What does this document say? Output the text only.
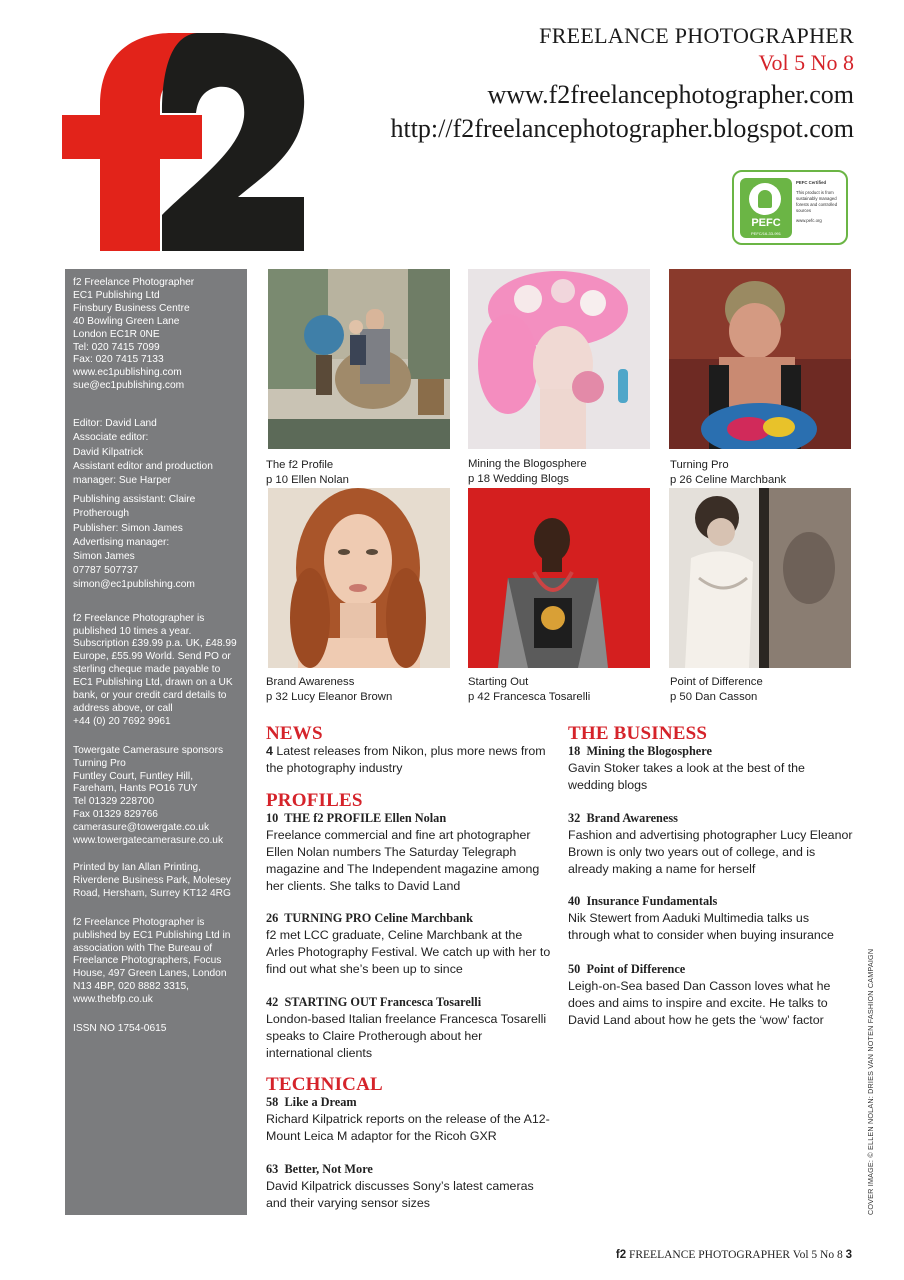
FREELANCE PHOTOGRAPHER
Vol 5 No 8
www.f2freelancephotographer.com
http://f2freelancephotographer.blogspot.com
PEFC
PEFC/16-33-991
PEFC Certified
This product is from sustainably managed forests and controlled sources
www.pefc.org

f2 Freelance Photographer

EC1 Publishing Ltd

Finsbury Business Centre

40 Bowling Green Lane

London EC1R 0NE

Tel: 020 7415 7099

Fax: 020 7415 7133

www.ec1publishing.com

sue@ec1publishing.com

Editor: David Land

Associate editor:

David Kilpatrick

Assistant editor and production

manager: Sue Harper

Publishing assistant: Claire

Protherough

Publisher: Simon James

Advertising manager:

Simon James

07787 507737

simon@ec1publishing.com

f2 Freelance Photographer is

published 10 times a year.

Subscription £39.99 p.a. UK, £48.99

Europe, £55.99 World. Send PO or

sterling cheque made payable to

EC1 Publishing Ltd, drawn on a UK

bank, or your credit card details to

address above, or call

+44 (0) 20 7692 9961

Towergate Camerasure sponsors

Turning Pro

Funtley Court, Funtley Hill,

Fareham, Hants PO16 7UY

Tel 01329 228700

Fax 01329 829766

camerasure@towergate.co.uk

www.towergatecamerasure.co.uk

Printed by Ian Allan Printing,

Riverdene Business Park, Molesey

Road, Hersham, Surrey KT12 4RG

f2 Freelance Photographer is

published by EC1 Publishing Ltd in

association with The Bureau of

Freelance Photographers, Focus

House, 497 Green Lanes, London

N13 4BP, 020 8882 3315,

www.thebfp.co.uk

ISSN NO 1754-0615

The f2 Profile
p 10 Ellen Nolan
Mining the Blogosphere
p 18 Wedding Blogs
Turning Pro
p 26 Celine Marchbank
Brand Awareness
p 32 Lucy Eleanor Brown
Starting Out
p 42 Francesca Tosarelli
Point of Difference
p 50 Dan Casson
NEWS
4 Latest releases from Nikon, plus more news from the photography industry
PROFILES
10 THE f2 PROFILE Ellen Nolan
Freelance commercial and fine art photographer Ellen Nolan numbers The Saturday Telegraph magazine and The Independent magazine among her clients. She talks to David Land
26 TURNING PRO Celine Marchbank
f2 met LCC graduate, Celine Marchbank at the Arles Photography Festival. We catch up with her to find out what she’s been up to since
42 STARTING OUT Francesca Tosarelli
London-based Italian freelance Francesca Tosarelli speaks to Claire Protherough about her international clients
TECHNICAL
58 Like a Dream
Richard Kilpatrick reports on the release of the A12-Mount Leica M adaptor for the Ricoh GXR
63 Better, Not More
David Kilpatrick discusses Sony’s latest cameras and their varying sensor sizes
THE BUSINESS
18 Mining the Blogosphere
Gavin Stoker takes a look at the best of the wedding blogs
32 Brand Awareness
Fashion and advertising photographer Lucy Eleanor Brown is only two years out of college, and is already making a name for herself
40 Insurance Fundamentals
Nik Stewert from Aaduki Multimedia talks us through what to consider when buying insurance
50 Point of Difference
Leigh-on-Sea based Dan Casson loves what he does and aims to inspire and excite. He talks to David Land about how he gets the ‘wow’ factor	COVER IMAGE: © ELLEN NOLAN: DRIES VAN NOTEN FASHION CAMPAIGN
f2 FREELANCE PHOTOGRAPHER Vol 5 No 8 3
